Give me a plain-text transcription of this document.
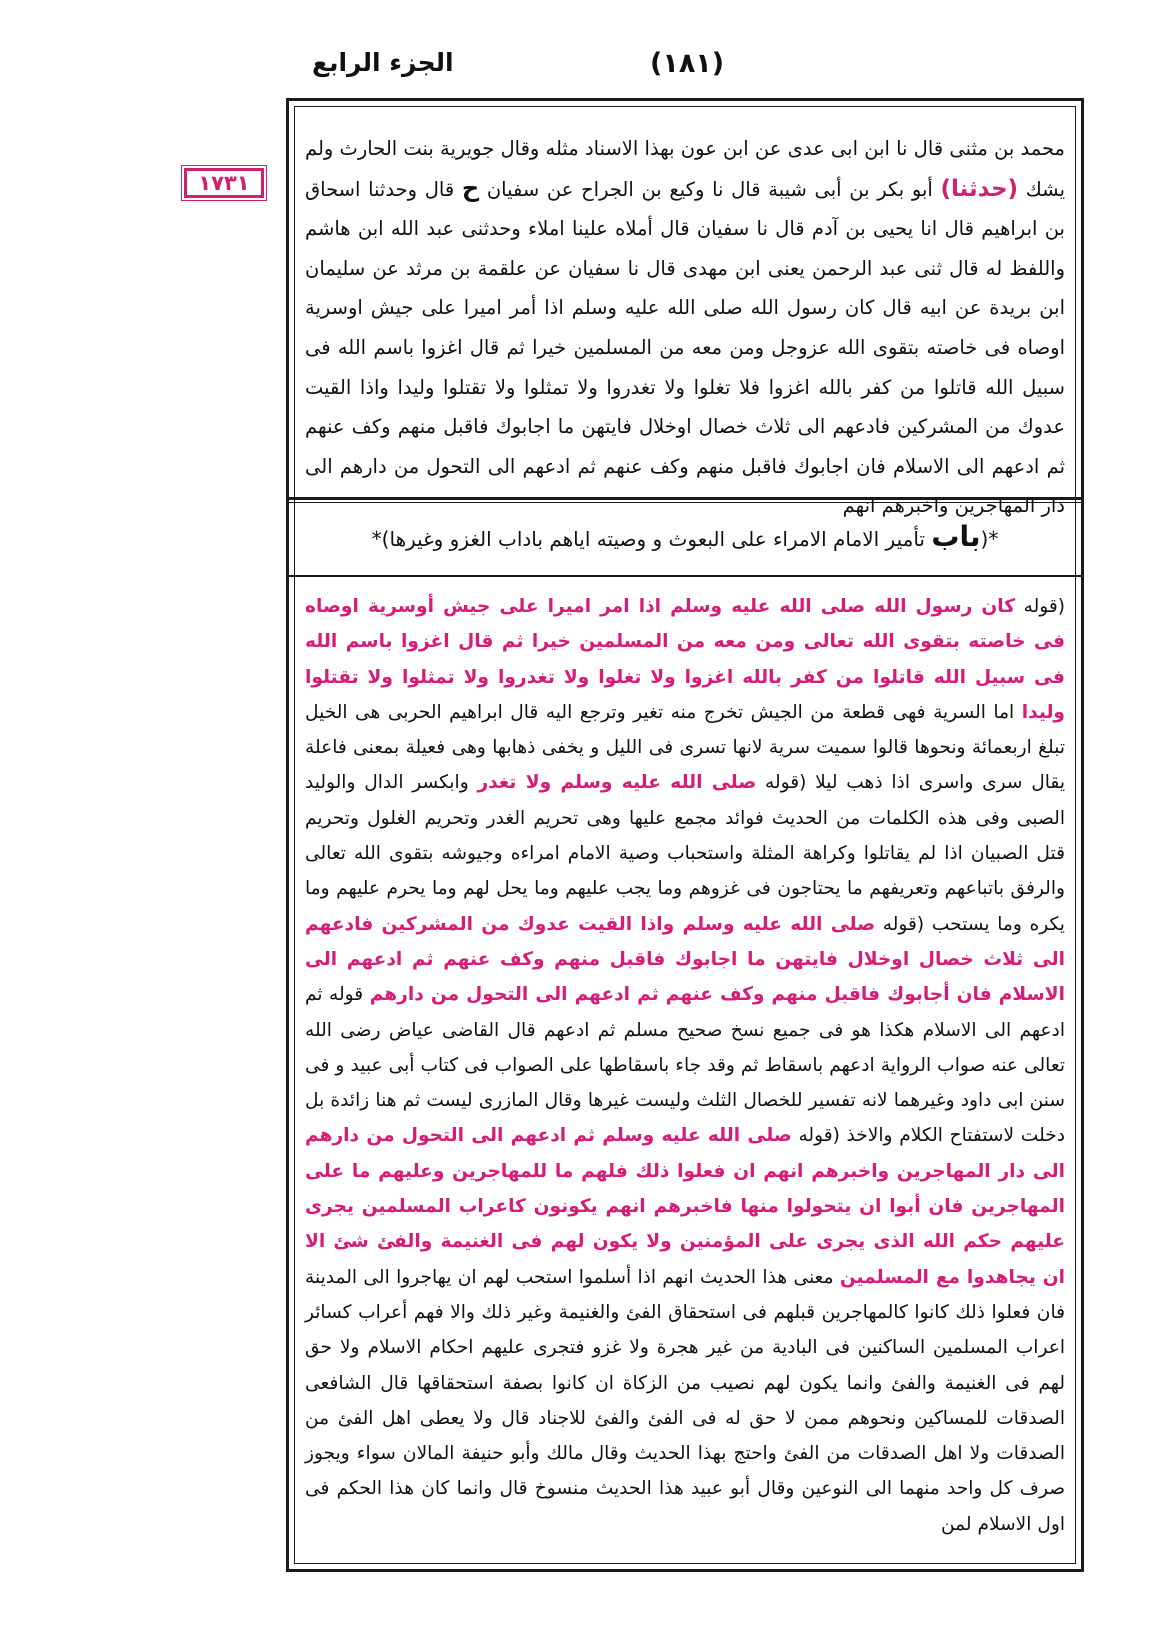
الجزء الرابع	(١٨١)
١٧٣١
محمد بن مثنى قال نا ابن ابى عدى عن ابن عون بهذا الاسناد مثله وقال جويرية بنت الحارث ولم يشك (حدثنا) أبو بكر بن أبى شيبة قال نا وكيع بن الجراح عن سفيان ح قال وحدثنا اسحاق بن ابراهيم قال انا يحيى بن آدم قال نا سفيان قال أملاه علينا املاء وحدثنى عبد الله ابن هاشم واللفظ له قال ثنى عبد الرحمن يعنى ابن مهدى قال نا سفيان عن علقمة بن مرثد عن سليمان ابن بريدة عن ابيه قال كان رسول الله صلى الله عليه وسلم اذا أمر اميرا على جيش اوسرية اوصاه فى خاصته بتقوى الله عزوجل ومن معه من المسلمين خيرا ثم قال اغزوا باسم الله فى سبيل الله قاتلوا من كفر بالله اغزوا فلا تغلوا ولا تغدروا ولا تمثلوا ولا تقتلوا وليدا واذا القيت عدوك من المشركين فادعهم الى ثلاث خصال اوخلال فايتهن ما اجابوك فاقبل منهم وكف عنهم ثم ادعهم الى الاسلام فان اجابوك فاقبل منهم وكف عنهم ثم ادعهم الى التحول من دارهم الى دار المهاجرين واخبرهم انهم
*(باب تأمير الامام الامراء على البعوث و وصيته اياهم باداب الغزو وغيرها)*
(قوله كان رسول الله صلى الله عليه وسلم اذا امر اميرا على جيش أوسرية اوصاه فى خاصته بتقوى الله تعالى ومن معه من المسلمين خيرا ثم قال اغزوا باسم الله فى سبيل الله قاتلوا من كفر بالله اغزوا ولا تغلوا ولا تغدروا ولا تمثلوا ولا تقتلوا وليدا اما السرية فهى قطعة من الجيش تخرج منه تغير وترجع اليه قال ابراهيم الحربى هى الخيل تبلغ اربعمائة ونحوها قالوا سميت سرية لانها تسرى فى الليل و يخفى ذهابها وهى فعيلة بمعنى فاعلة يقال سرى واسرى اذا ذهب ليلا (قوله صلى الله عليه وسلم ولا تغدر وابكسر الدال والوليد الصبى وفى هذه الكلمات من الحديث فوائد مجمع عليها وهى تحريم الغدر وتحريم الغلول وتحريم قتل الصبيان اذا لم يقاتلوا وكراهة المثلة واستحباب وصية الامام امراءه وجيوشه بتقوى الله تعالى والرفق باتباعهم وتعريفهم ما يحتاجون فى غزوهم وما يجب عليهم وما يحل لهم وما يحرم عليهم وما يكره وما يستحب (قوله صلى الله عليه وسلم واذا القيت عدوك من المشركين فادعهم الى ثلاث خصال اوخلال فايتهن ما اجابوك فاقبل منهم وكف عنهم ثم ادعهم الى الاسلام فان أجابوك فاقبل منهم وكف عنهم ثم ادعهم الى التحول من دارهم قوله ثم ادعهم الى الاسلام هكذا هو فى جميع نسخ صحيح مسلم ثم ادعهم قال القاضى عياض رضى الله تعالى عنه صواب الرواية ادعهم باسقاط ثم وقد جاء باسقاطها على الصواب فى كتاب أبى عبيد و فى سنن ابى داود وغيرهما لانه تفسير للخصال الثلث وليست غيرها وقال المازرى ليست ثم هنا زائدة بل دخلت لاستفتاح الكلام والاخذ (قوله صلى الله عليه وسلم ثم ادعهم الى التحول من دارهم الى دار المهاجرين واخبرهم انهم ان فعلوا ذلك فلهم ما للمهاجرين وعليهم ما على المهاجرين فان أبوا ان يتحولوا منها فاخبرهم انهم يكونون كاعراب المسلمين يجرى عليهم حكم الله الذى يجرى على المؤمنين ولا يكون لهم فى الغنيمة والفئ شئ الا ان يجاهدوا مع المسلمين معنى هذا الحديث انهم اذا أسلموا استحب لهم ان يهاجروا الى المدينة فان فعلوا ذلك كانوا كالمهاجرين قبلهم فى استحقاق الفئ والغنيمة وغير ذلك والا فهم أعراب كسائر اعراب المسلمين الساكنين فى البادية من غير هجرة ولا غزو فتجرى عليهم احكام الاسلام ولا حق لهم فى الغنيمة والفئ وانما يكون لهم نصيب من الزكاة ان كانوا بصفة استحقاقها قال الشافعى الصدقات للمساكين ونحوهم ممن لا حق له فى الفئ والفئ للاجناد قال ولا يعطى اهل الفئ من الصدقات ولا اهل الصدقات من الفئ واحتج بهذا الحديث وقال مالك وأبو حنيفة المالان سواء ويجوز صرف كل واحد منهما الى النوعين وقال أبو عبيد هذا الحديث منسوخ قال وانما كان هذا الحكم فى اول الاسلام لمن
